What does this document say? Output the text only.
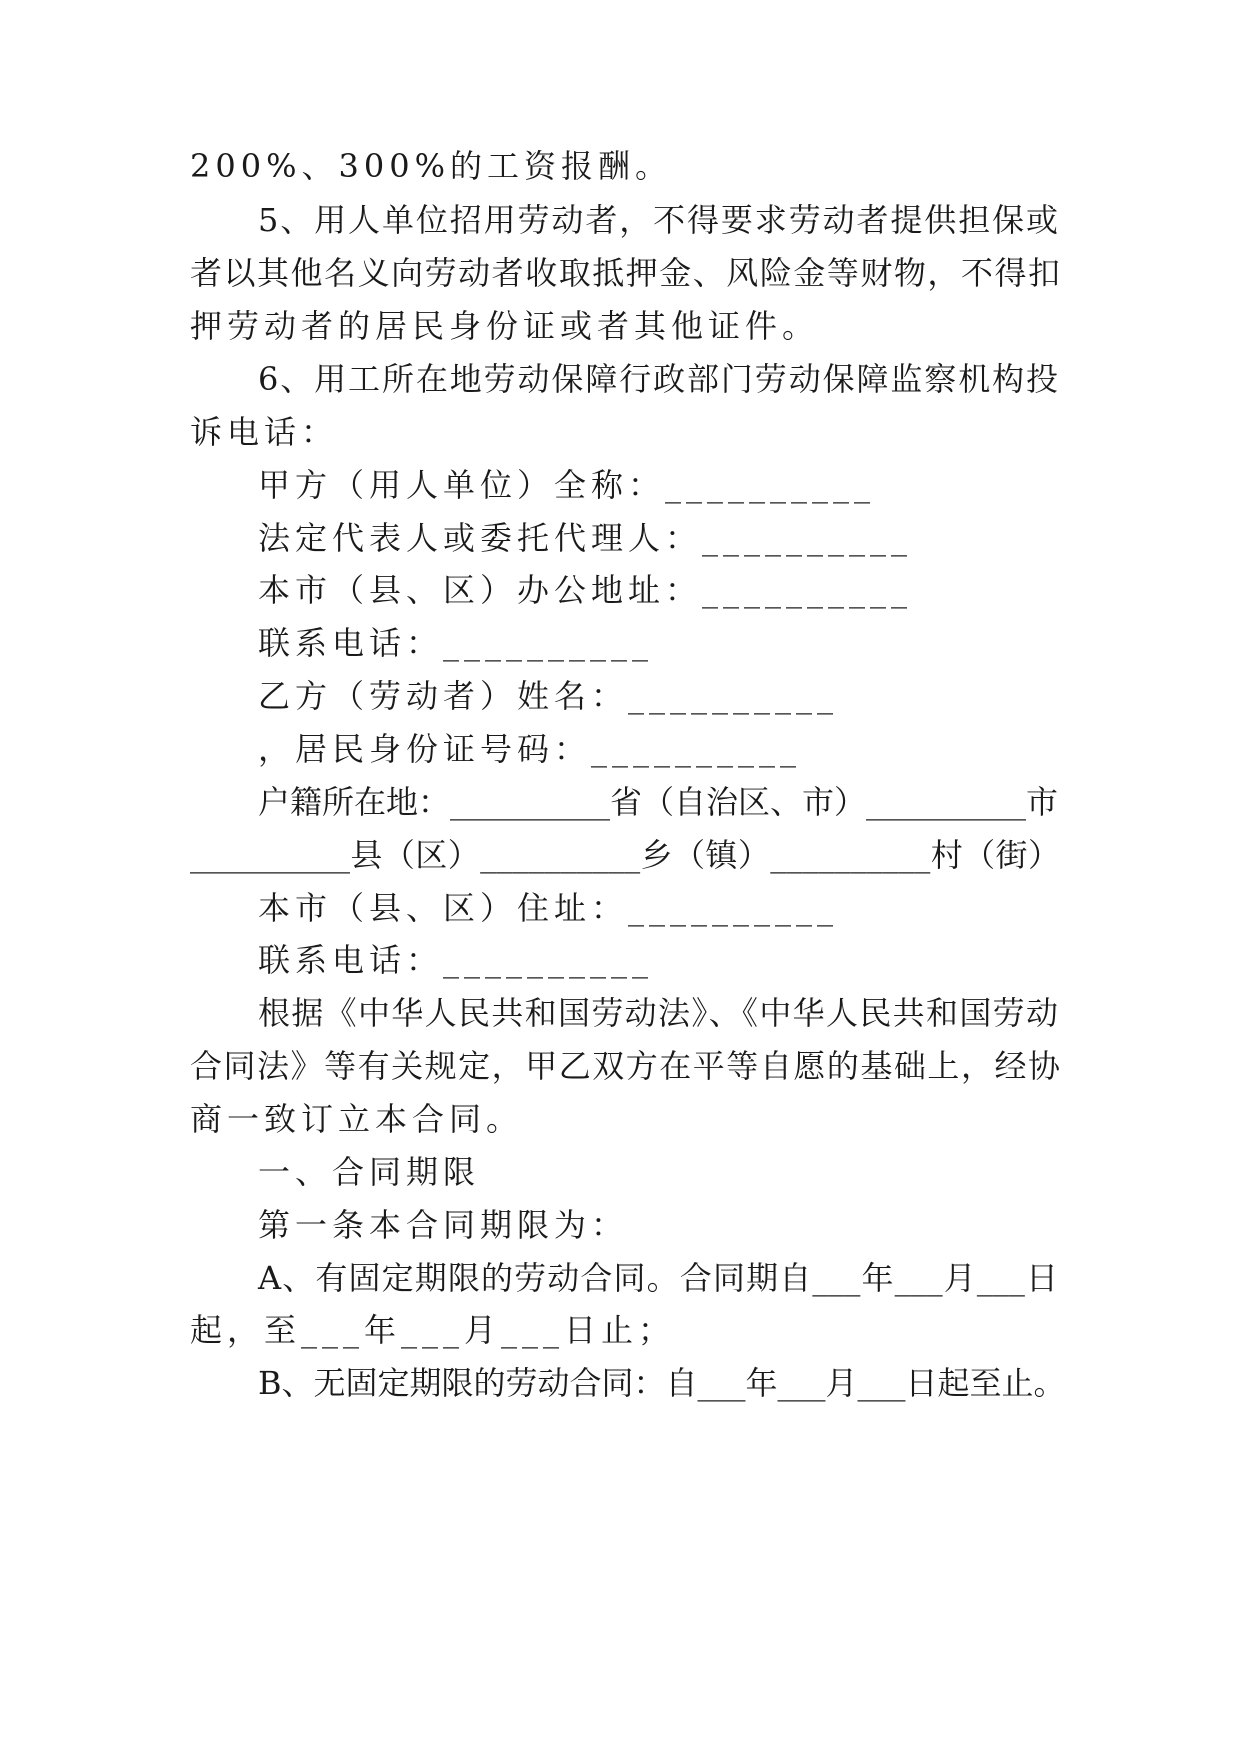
200%、300%的工资报酬。
5、用人单位招用劳动者，不得要求劳动者提供担保或
者以其他名义向劳动者收取抵押金、风险金等财物，不得扣
押劳动者的居民身份证或者其他证件。
6、用工所在地劳动保障行政部门劳动保障监察机构投
诉电话：
甲方（用人单位）全称：__________
法定代表人或委托代理人：__________
本市（县、区）办公地址：__________
联系电话：__________
乙方（劳动者）姓名：__________
，居民身份证号码：__________
户籍所在地：__________省（自治区、市）__________市
__________县（区）__________乡（镇）__________村（街）
本市（县、区）住址：__________
联系电话：__________
根据《中华人民共和国劳动法》、《中华人民共和国劳动
合同法》等有关规定，甲乙双方在平等自愿的基础上，经协
商一致订立本合同。
一、合同期限
第一条本合同期限为：
A、有固定期限的劳动合同。合同期自___年___月___日
起，至___年___月___日止；
B、无固定期限的劳动合同：自___年___月___日起至止。
